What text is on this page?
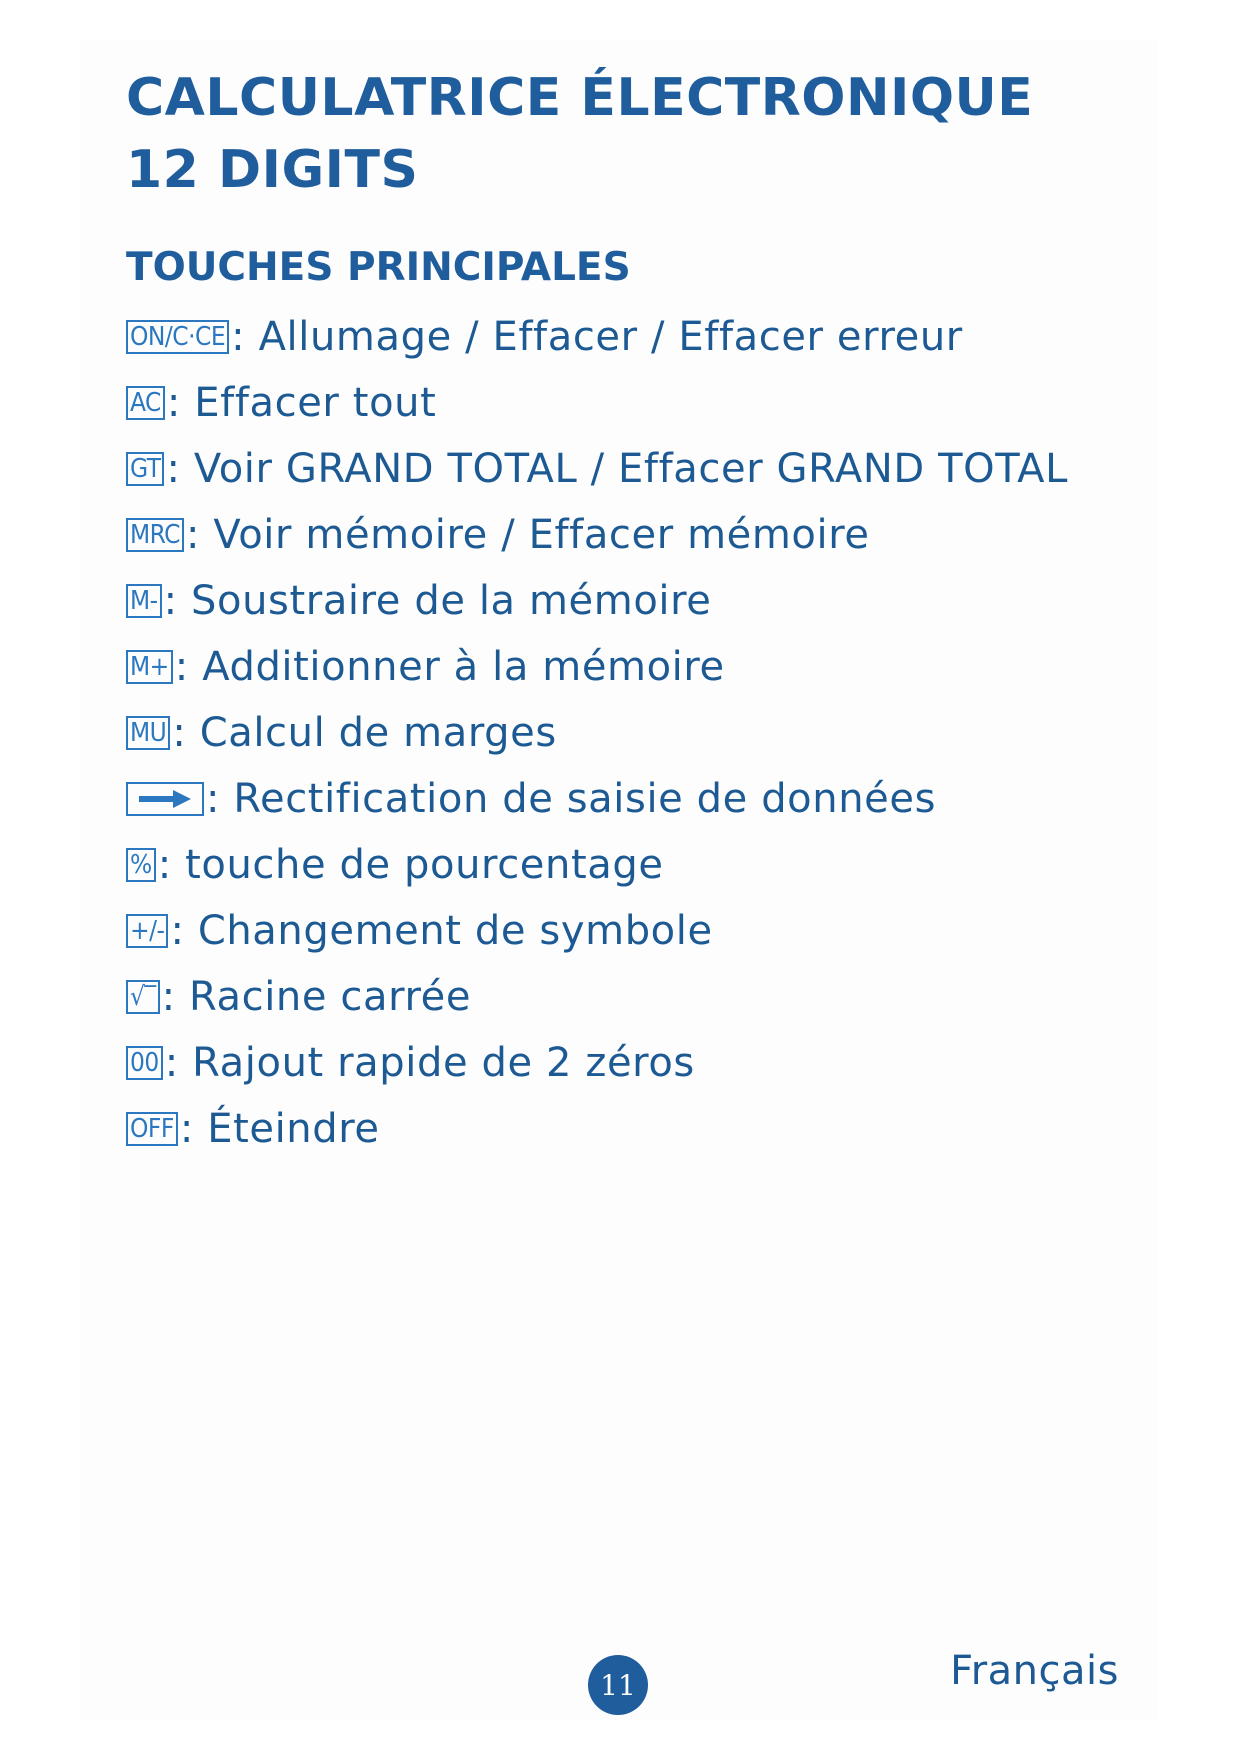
CALCULATRICE ÉLECTRONIQUE
12 DIGITS
TOUCHES PRINCIPALES
ON/C·CE : Allumage / Effacer / Effacer erreur
AC : Effacer tout
GT : Voir GRAND TOTAL / Effacer GRAND TOTAL
MRC : Voir mémoire / Effacer mémoire
M- : Soustraire de la mémoire
M+ : Additionner à la mémoire
MU : Calcul de marges
: Rectification de saisie de données
% : touche de pourcentage
+/- : Changement de symbole
√‾ : Racine carrée
00 : Rajout rapide de 2 zéros
OFF : Éteindre
11	Français
